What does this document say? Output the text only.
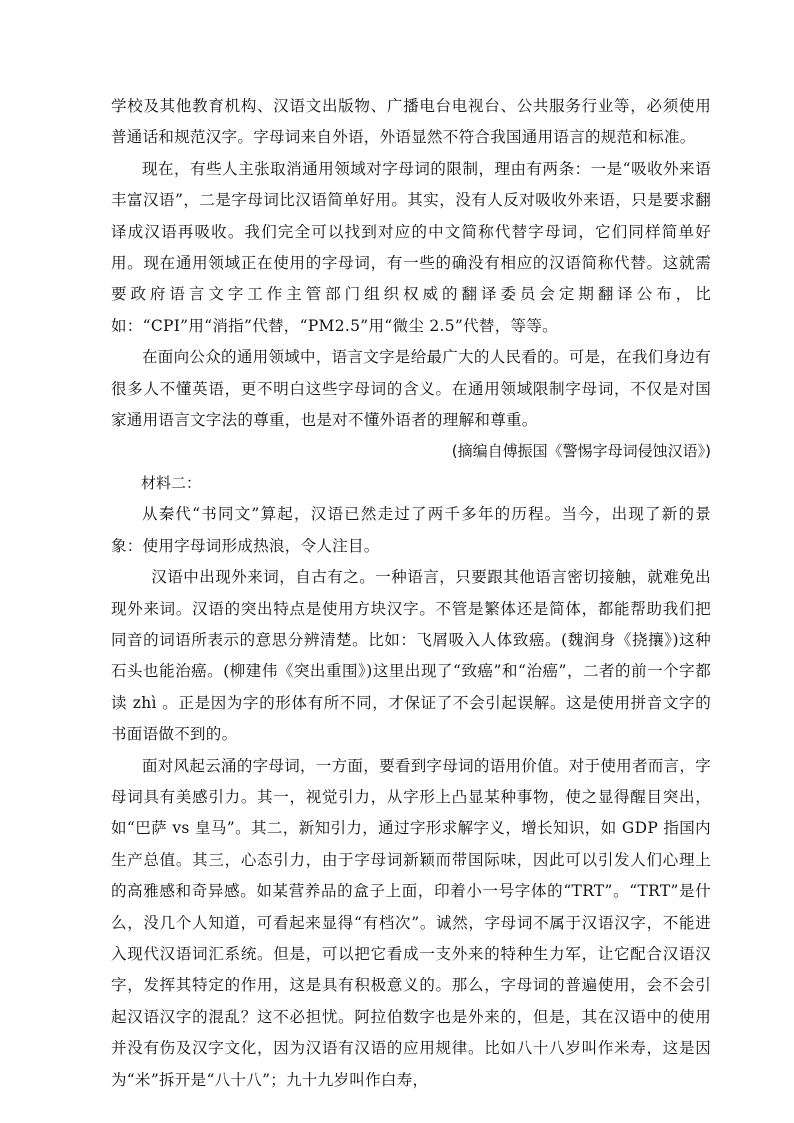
学校及其他教育机构、汉语文出版物、广播电台电视台、公共服务行业等，必须使用普通话和规范汉字。字母词来自外语，外语显然不符合我国通用语言的规范和标准。

现在，有些人主张取消通用领域对字母词的限制，理由有两条：一是“吸收外来语丰富汉语”，二是字母词比汉语简单好用。其实，没有人反对吸收外来语，只是要求翻译成汉语再吸收。我们完全可以找到对应的中文简称代替字母词，它们同样简单好用。现在通用领域正在使用的字母词，有一些的确没有相应的汉语简称代替。这就需要政府语言文字工作主管部门组织权威的翻译委员会定期翻译公布，比如：“CPI”用“消指”代替，“PM2.5”用“微尘 2.5”代替，等等。

在面向公众的通用领域中，语言文字是给最广大的人民看的。可是，在我们身边有很多人不懂英语，更不明白这些字母词的含义。在通用领域限制字母词，不仅是对国家通用语言文字法的尊重，也是对不懂外语者的理解和尊重。

(摘编自傅振国《警惕字母词侵蚀汉语》)

材料二：

从秦代“书同文”算起，汉语已然走过了两千多年的历程。当今，出现了新的景象：使用字母词形成热浪，令人注目。

汉语中出现外来词，自古有之。一种语言，只要跟其他语言密切接触，就难免出现外来词。汉语的突出特点是使用方块汉字。不管是繁体还是简体，都能帮助我们把同音的词语所表示的意思分辨清楚。比如：飞屑吸入人体致癌。(魏润身《挠攘》)这种石头也能治癌。(柳建伟《突出重围》)这里出现了“致癌”和“治癌”，二者的前一个字都读 zhì 。正是因为字的形体有所不同，才保证了不会引起误解。这是使用拼音文字的书面语做不到的。

面对风起云涌的字母词，一方面，要看到字母词的语用价值。对于使用者而言，字母词具有美感引力。其一，视觉引力，从字形上凸显某种事物，使之显得醒目突出，如“巴萨 vs 皇马”。其二，新知引力，通过字形求解字义，增长知识，如 GDP 指国内生产总值。其三，心态引力，由于字母词新颖而带国际味，因此可以引发人们心理上的高雅感和奇异感。如某营养品的盒子上面，印着小一号字体的“TRT”。“TRT”是什么，没几个人知道，可看起来显得“有档次”。诚然，字母词不属于汉语汉字，不能进入现代汉语词汇系统。但是，可以把它看成一支外来的特种生力军，让它配合汉语汉字，发挥其特定的作用，这是具有积极意义的。那么，字母词的普遍使用，会不会引起汉语汉字的混乱？这不必担忧。阿拉伯数字也是外来的，但是，其在汉语中的使用并没有伤及汉字文化，因为汉语有汉语的应用规律。比如八十八岁叫作米寿，这是因为“米”拆开是“八十八”；九十九岁叫作白寿，
